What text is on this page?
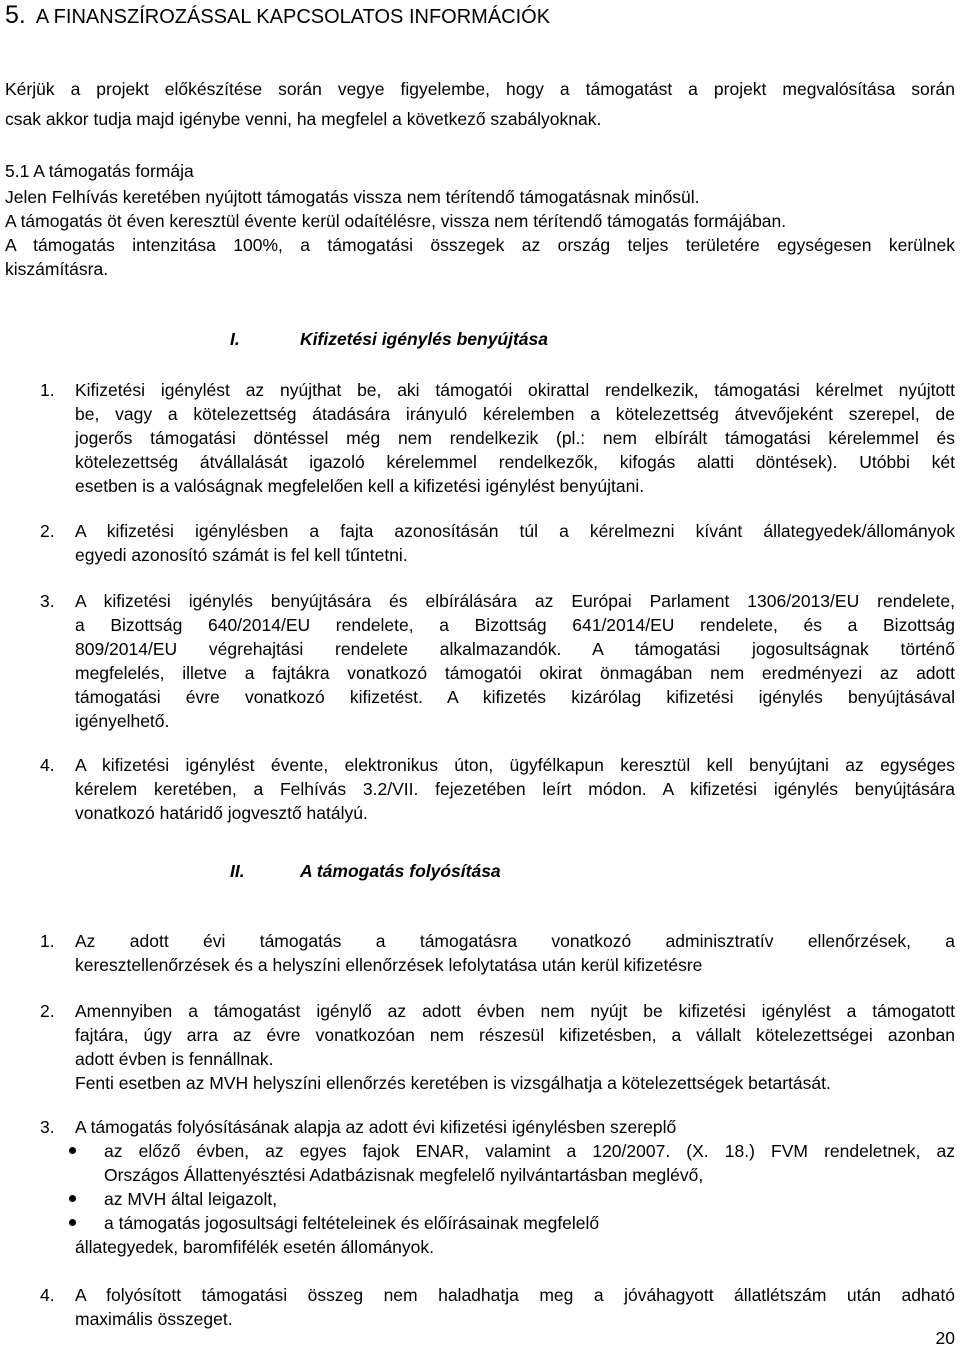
5. A FINANSZÍROZÁSSAL KAPCSOLATOS INFORMÁCIÓK
Kérjük a projekt előkészítése során vegye figyelembe, hogy a támogatást a projekt megvalósítása során
csak akkor tudja majd igénybe venni, ha megfelel a következő szabályoknak.
5.1 A támogatás formája
Jelen Felhívás keretében nyújtott támogatás vissza nem térítendő támogatásnak minősül.
A támogatás öt éven keresztül évente kerül odaítélésre, vissza nem térítendő támogatás formájában.
A támogatás intenzitása 100%, a támogatási összegek az ország teljes területére egységesen kerülnek
kiszámításra.
I.	Kifizetési igénylés benyújtása
1. Kifizetési igénylést az nyújthat be, aki támogatói okirattal rendelkezik, támogatási kérelmet nyújtott
be, vagy a kötelezettség átadására irányuló kérelemben a kötelezettség átvevőjeként szerepel, de
jogerős támogatási döntéssel még nem rendelkezik (pl.: nem elbírált támogatási kérelemmel és
kötelezettség átvállalását igazoló kérelemmel rendelkezők, kifogás alatti döntések). Utóbbi két
esetben is a valóságnak megfelelően kell a kifizetési igénylést benyújtani.
2. A kifizetési igénylésben a fajta azonosításán túl a kérelmezni kívánt állategyedek/állományok
egyedi azonosító számát is fel kell tűntetni.
3. A kifizetési igénylés benyújtására és elbírálására az Európai Parlament 1306/2013/EU rendelete,
a Bizottság 640/2014/EU rendelete, a Bizottság 641/2014/EU rendelete, és a Bizottság
809/2014/EU végrehajtási rendelete alkalmazandók. A támogatási jogosultságnak történő
megfelelés, illetve a fajtákra vonatkozó támogatói okirat önmagában nem eredményezi az adott
támogatási évre vonatkozó kifizetést. A kifizetés kizárólag kifizetési igénylés benyújtásával
igényelhető.
4. A kifizetési igénylést évente, elektronikus úton, ügyfélkapun keresztül kell benyújtani az egységes
kérelem keretében, a Felhívás 3.2/VII. fejezetében leírt módon. A kifizetési igénylés benyújtására
vonatkozó határidő jogvesztő hatályú.
II.	A támogatás folyósítása
1. Az adott évi támogatás a támogatásra vonatkozó adminisztratív ellenőrzések, a
keresztellenőrzések és a helyszíni ellenőrzések lefolytatása után kerül kifizetésre
2. Amennyiben a támogatást igénylő az adott évben nem nyújt be kifizetési igénylést a támogatott
fajtára, úgy arra az évre vonatkozóan nem részesül kifizetésben, a vállalt kötelezettségei azonban
adott évben is fennállnak.
Fenti esetben az MVH helyszíni ellenőrzés keretében is vizsgálhatja a kötelezettségek betartását.
3. A támogatás folyósításának alapja az adott évi kifizetési igénylésben szereplő
az előző évben, az egyes fajok ENAR, valamint a 120/2007. (X. 18.) FVM rendeletnek, az
Országos Állattenyésztési Adatbázisnak megfelelő nyilvántartásban meglévő,
az MVH által leigazolt,
a támogatás jogosultsági feltételeinek és előírásainak megfelelő
állategyedek, baromfifélék esetén állományok.
4. A folyósított támogatási összeg nem haladhatja meg a jóváhagyott állatlétszám után adható
maximális összeget.
20
